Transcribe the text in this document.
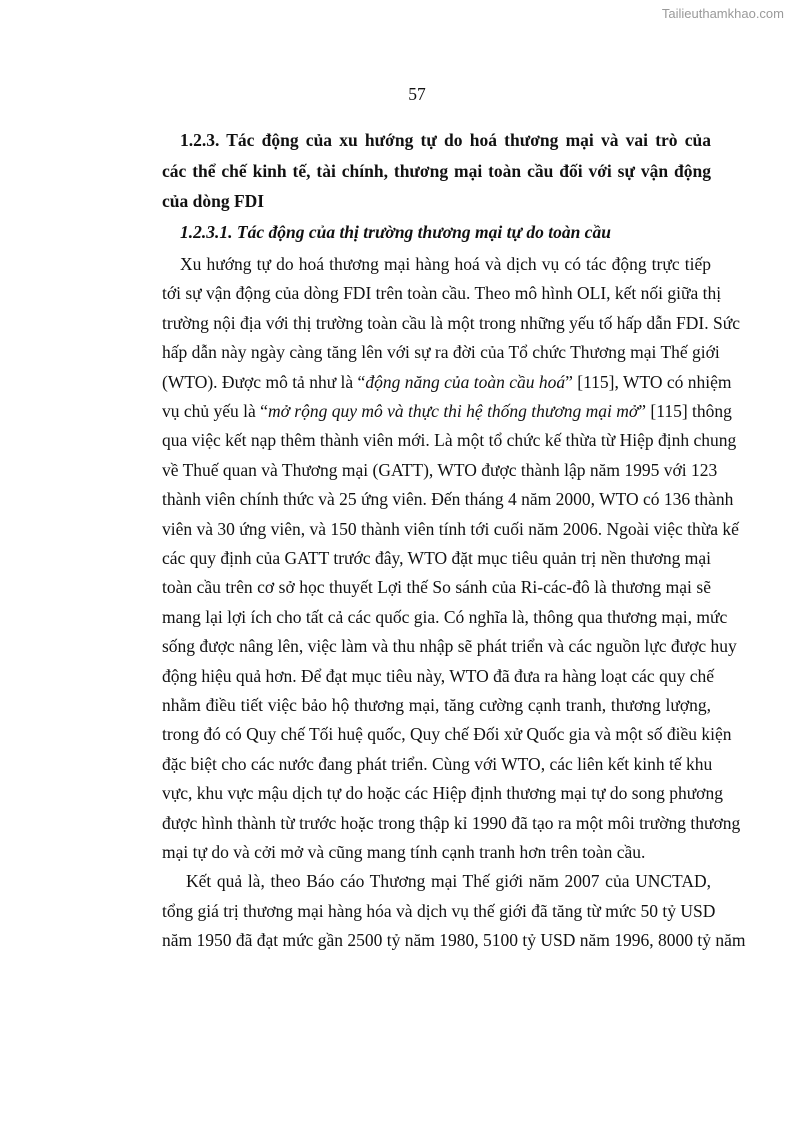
Tailieuthamkhao.com
57
1.2.3. Tác động của xu hướng tự do hoá thương mại và vai trò của
các thể chế kinh tế, tài chính, thương mại toàn cầu đối với sự vận động
của dòng FDI
1.2.3.1. Tác động của thị trường thương mại tự do toàn cầu
Xu hướng tự do hoá thương mại hàng hoá và dịch vụ có tác động trực tiếp
tới sự vận động của dòng FDI trên toàn cầu. Theo mô hình OLI, kết nối giữa thị
trường nội địa với thị trường toàn cầu là một trong những yếu tố hấp dẫn FDI. Sức
hấp dẫn này ngày càng tăng lên với sự ra đời của Tổ chức Thương mại Thế giới
(WTO). Được mô tả như là “động năng của toàn cầu hoá” [115], WTO có nhiệm
vụ chủ yếu là “mở rộng quy mô và thực thi hệ thống thương mại mở” [115] thông
qua việc kết nạp thêm thành viên mới. Là một tổ chức kế thừa từ Hiệp định chung
về Thuế quan và Thương mại (GATT), WTO được thành lập năm 1995 với 123
thành viên chính thức và 25 ứng viên. Đến tháng 4 năm 2000, WTO có 136 thành
viên và 30 ứng viên, và 150 thành viên tính tới cuối năm 2006. Ngoài việc thừa kế
các quy định của GATT trước đây, WTO đặt mục tiêu quản trị nền thương mại
toàn cầu trên cơ sở học thuyết Lợi thế So sánh của Ri-các-đô là thương mại sẽ
mang lại lợi ích cho tất cả các quốc gia. Có nghĩa là, thông qua thương mại, mức
sống được nâng lên, việc làm và thu nhập sẽ phát triển và các nguồn lực được huy
động hiệu quả hơn. Để đạt mục tiêu này, WTO đã đưa ra hàng loạt các quy chế
nhằm điều tiết việc bảo hộ thương mại, tăng cường cạnh tranh, thương lượng,
trong đó có Quy chế Tối huệ quốc, Quy chế Đối xử Quốc gia và một số điều kiện
đặc biệt cho các nước đang phát triển. Cùng với WTO, các liên kết kinh tế khu
vực, khu vực mậu dịch tự do hoặc các Hiệp định thương mại tự do song phương
được hình thành từ trước hoặc trong thập kỉ 1990 đã tạo ra một môi trường thương
mại tự do và cởi mở và cũng mang tính cạnh tranh hơn trên toàn cầu.
Kết quả là, theo Báo cáo Thương mại Thế giới năm 2007 của UNCTAD,
tổng giá trị thương mại hàng hóa và dịch vụ thế giới đã tăng từ mức 50 tỷ USD
năm 1950 đã đạt mức gần 2500 tỷ năm 1980, 5100 tỷ USD năm 1996, 8000 tỷ năm
